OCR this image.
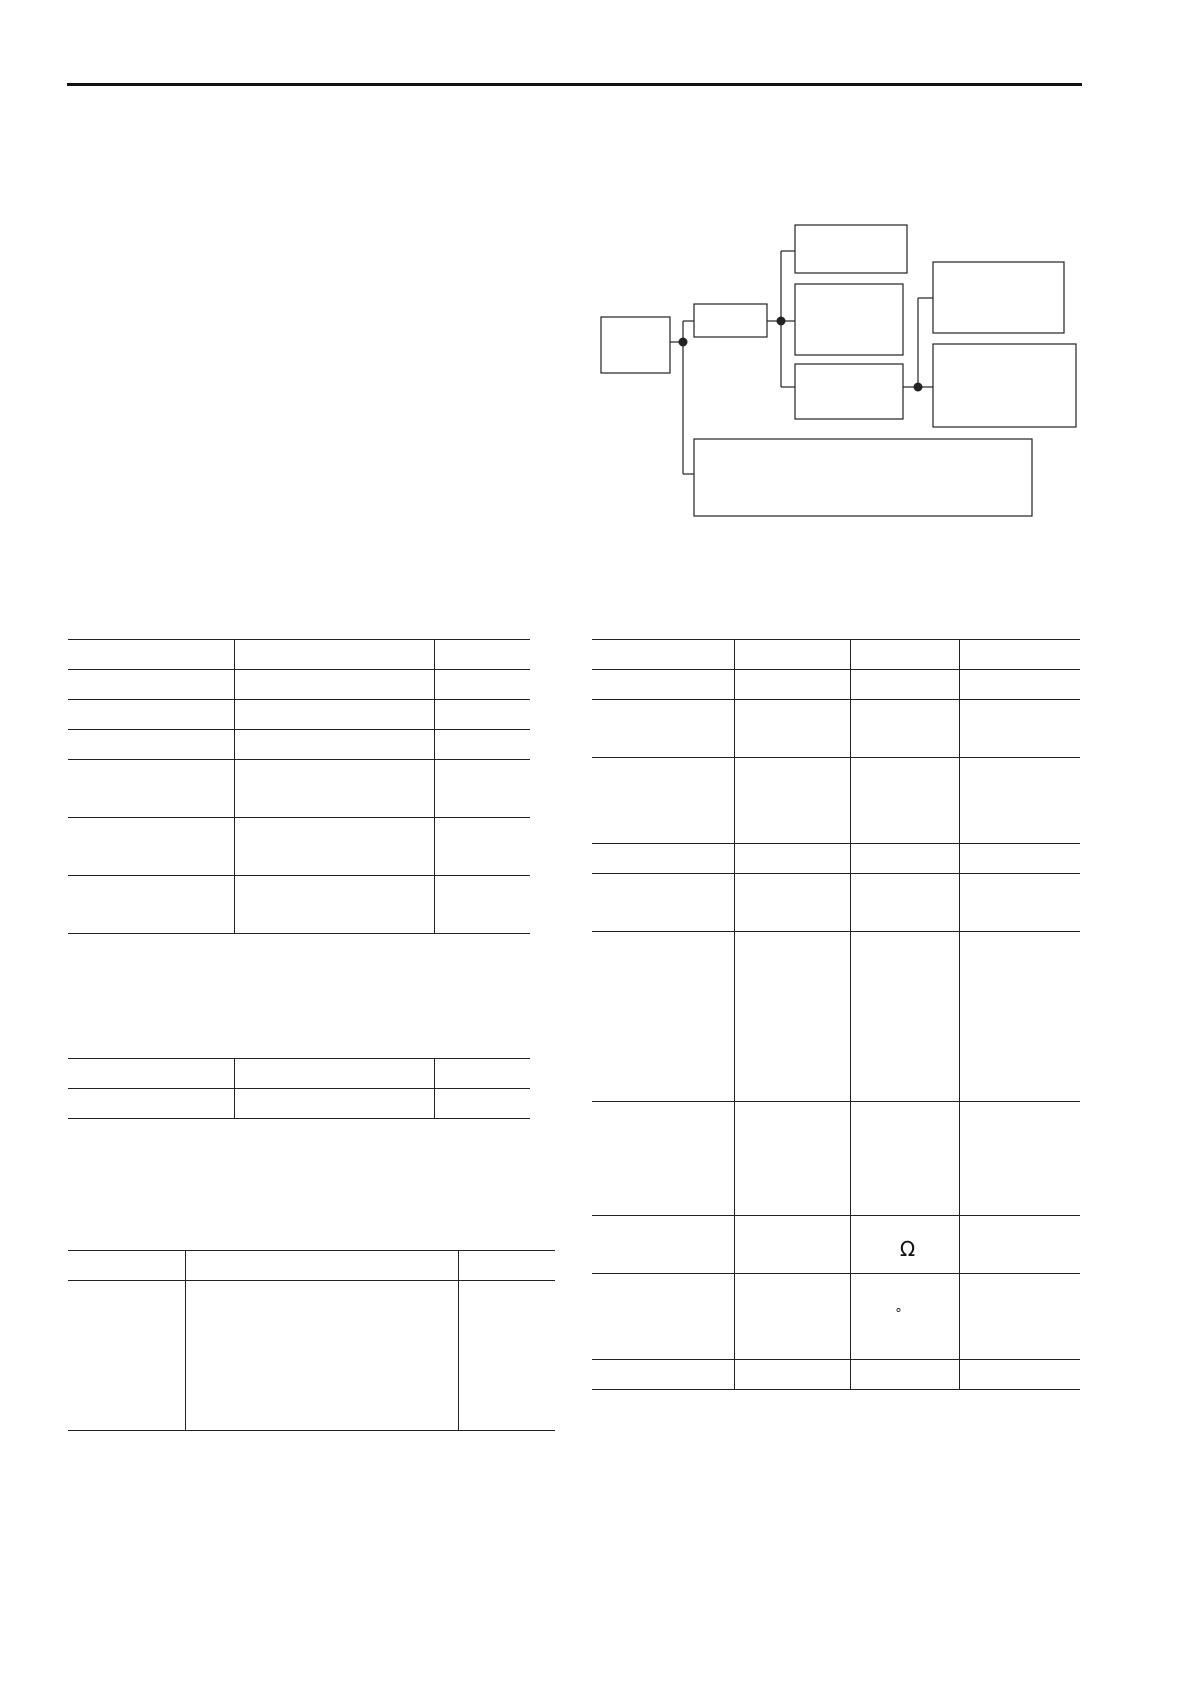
		Ω	
		°	
